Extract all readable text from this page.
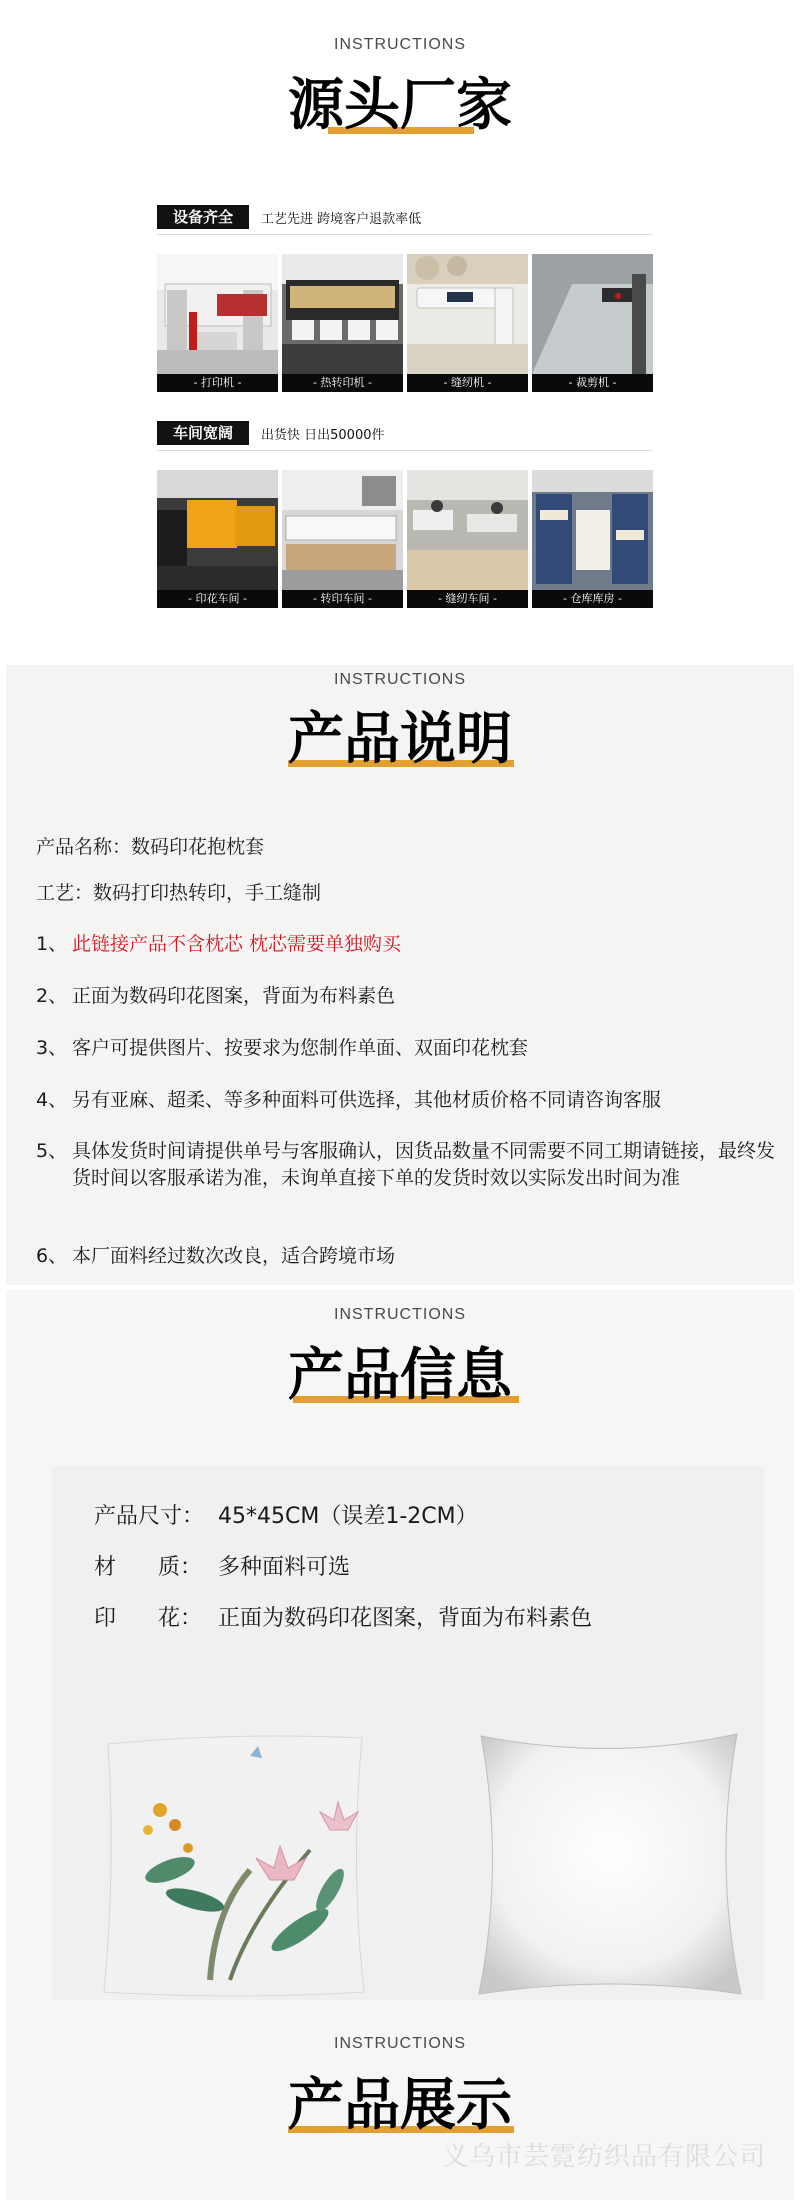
INSTRUCTIONS
源头厂家
设备齐全	工艺先进 跨境客户退款率低
- 打印机 -	- 热转印机 -	- 缝纫机 -	- 裁剪机 -
车间宽阔	出货快 日出50000件
- 印花车间 -	- 转印车间 -	- 缝纫车间 -	- 仓库库房 -
INSTRUCTIONS
产品说明
产品名称：数码印花抱枕套
工艺：数码打印热转印，手工缝制
1、 此链接产品不含枕芯 枕芯需要单独购买
2、 正面为数码印花图案，背面为布料素色
3、 客户可提供图片、按要求为您制作单面、双面印花枕套
4、 另有亚麻、超柔、等多种面料可供选择，其他材质价格不同请咨询客服
5、 具体发货时间请提供单号与客服确认，因货品数量不同需要不同工期请链接，最终发货时间以客服承诺为准，未询单直接下单的发货时效以实际发出时间为准
6、 本厂面料经过数次改良，适合跨境市场
INSTRUCTIONS
产品信息
产品尺寸： 45*45CM（误差1-2CM）
材      质： 多种面料可选
印      花： 正面为数码印花图案，背面为布料素色
INSTRUCTIONS
产品展示
义乌市芸霓纺织品有限公司
